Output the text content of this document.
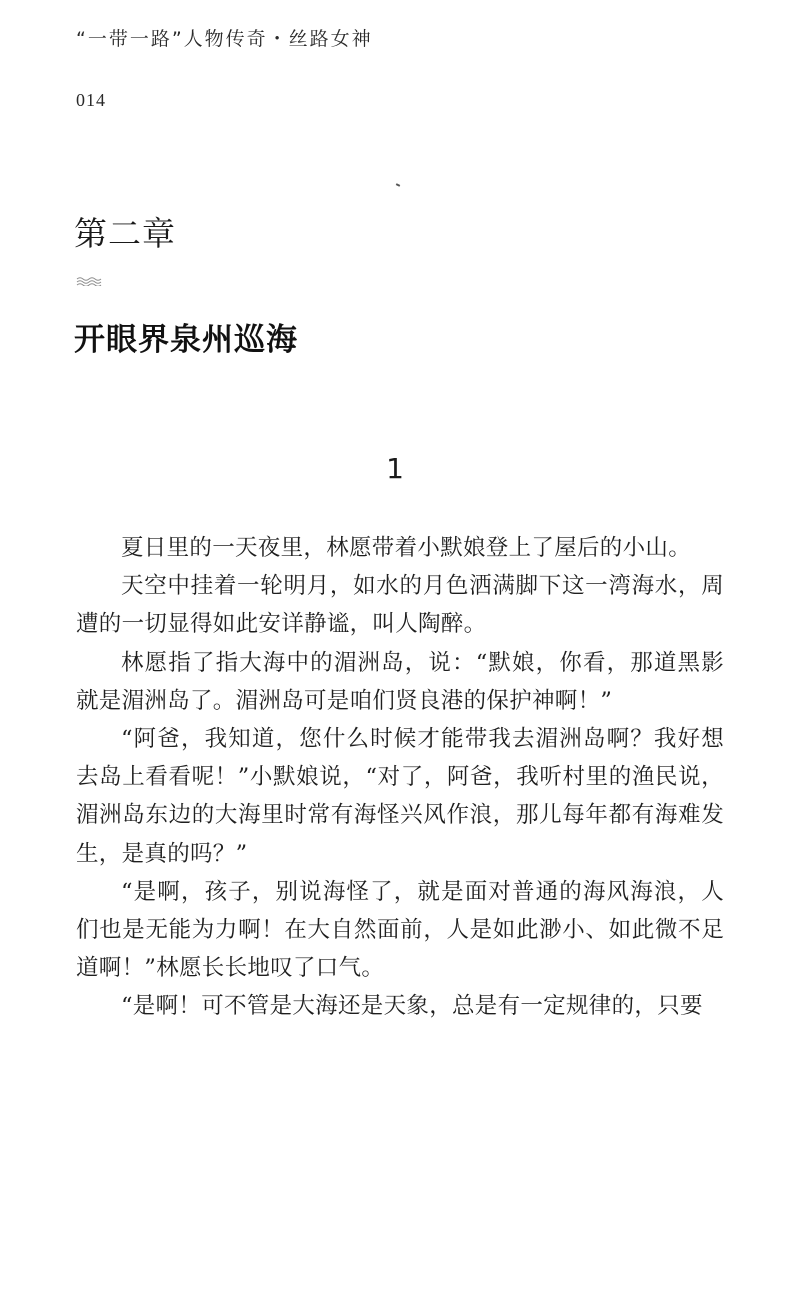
“一带一路”人物传奇・丝路女神
014
第二章
开眼界泉州巡海
1

夏日里的一天夜里，林愿带着小默娘登上了屋后的小山。

天空中挂着一轮明月，如水的月色洒满脚下这一湾海水，周遭的一切显得如此安详静谧，叫人陶醉。

林愿指了指大海中的湄洲岛，说：“默娘，你看，那道黑影就是湄洲岛了。湄洲岛可是咱们贤良港的保护神啊！”

“阿爸，我知道，您什么时候才能带我去湄洲岛啊？我好想去岛上看看呢！”小默娘说，“对了，阿爸，我听村里的渔民说，湄洲岛东边的大海里时常有海怪兴风作浪，那儿每年都有海难发生，是真的吗？”

“是啊，孩子，别说海怪了，就是面对普通的海风海浪，人们也是无能为力啊！在大自然面前，人是如此渺小、如此微不足道啊！”林愿长长地叹了口气。

“是啊！可不管是大海还是天象，总是有一定规律的，只要
